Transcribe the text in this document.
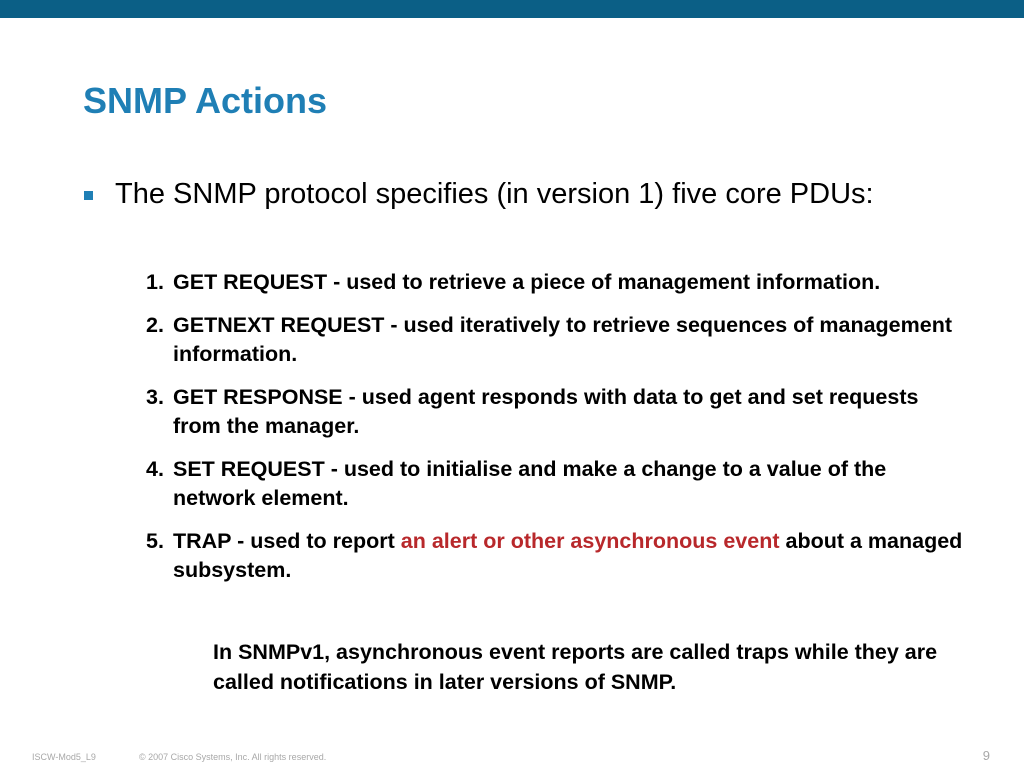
SNMP Actions
The SNMP protocol specifies (in version 1) five core PDUs:
1. GET REQUEST - used to retrieve a piece of management information.
2. GETNEXT REQUEST - used iteratively to retrieve sequences of management information.
3. GET RESPONSE - used agent responds with data to get and set requests from the manager.
4. SET REQUEST - used to initialise and make a change to a value of the network element.
5. TRAP - used to report an alert or other asynchronous event about a managed subsystem.
In SNMPv1, asynchronous event reports are called traps while they are called notifications in later versions of SNMP.
ISCW-Mod5_L9	© 2007 Cisco Systems, Inc. All rights reserved.	9
